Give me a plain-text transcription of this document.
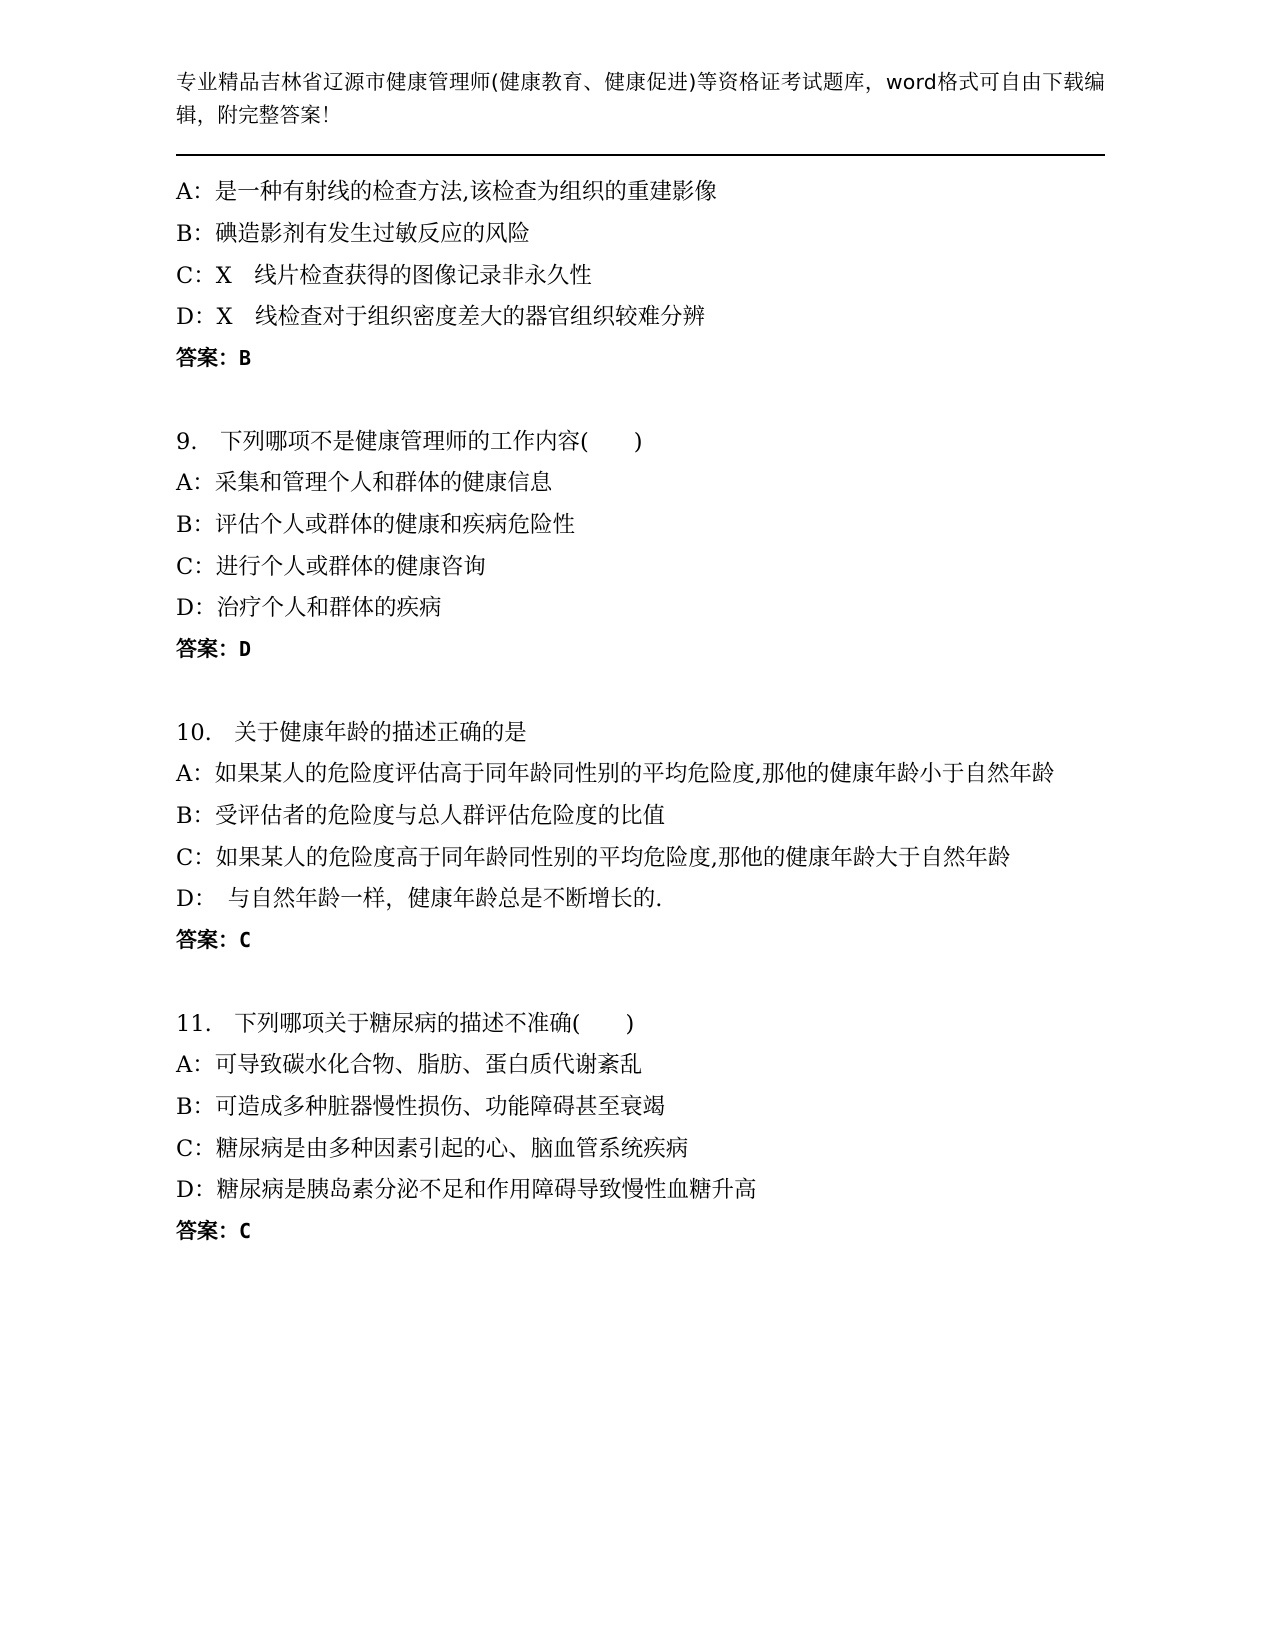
专业精品吉林省辽源市健康管理师(健康教育、健康促进)等资格证考试题库，word格式可自由下载编辑，附完整答案！
A：是一种有射线的检查方法,该检查为组织的重建影像
B：碘造影剂有发生过敏反应的风险
C：X　线片检查获得的图像记录非永久性
D：X　线检查对于组织密度差大的器官组织较难分辨
答案：B
9.　下列哪项不是健康管理师的工作内容(　　)
A：采集和管理个人和群体的健康信息
B：评估个人或群体的健康和疾病危险性
C：进行个人或群体的健康咨询
D：治疗个人和群体的疾病
答案：D
10.　关于健康年龄的描述正确的是
A：如果某人的危险度评估高于同年龄同性别的平均危险度,那他的健康年龄小于自然年龄
B：受评估者的危险度与总人群评估危险度的比值
C：如果某人的危险度高于同年龄同性别的平均危险度,那他的健康年龄大于自然年龄
D：　与自然年龄一样，健康年龄总是不断增长的.
答案：C
11.　下列哪项关于糖尿病的描述不准确(　　)
A：可导致碳水化合物、脂肪、蛋白质代谢紊乱
B：可造成多种脏器慢性损伤、功能障碍甚至衰竭
C：糖尿病是由多种因素引起的心、脑血管系统疾病
D：糖尿病是胰岛素分泌不足和作用障碍导致慢性血糖升高
答案：C
